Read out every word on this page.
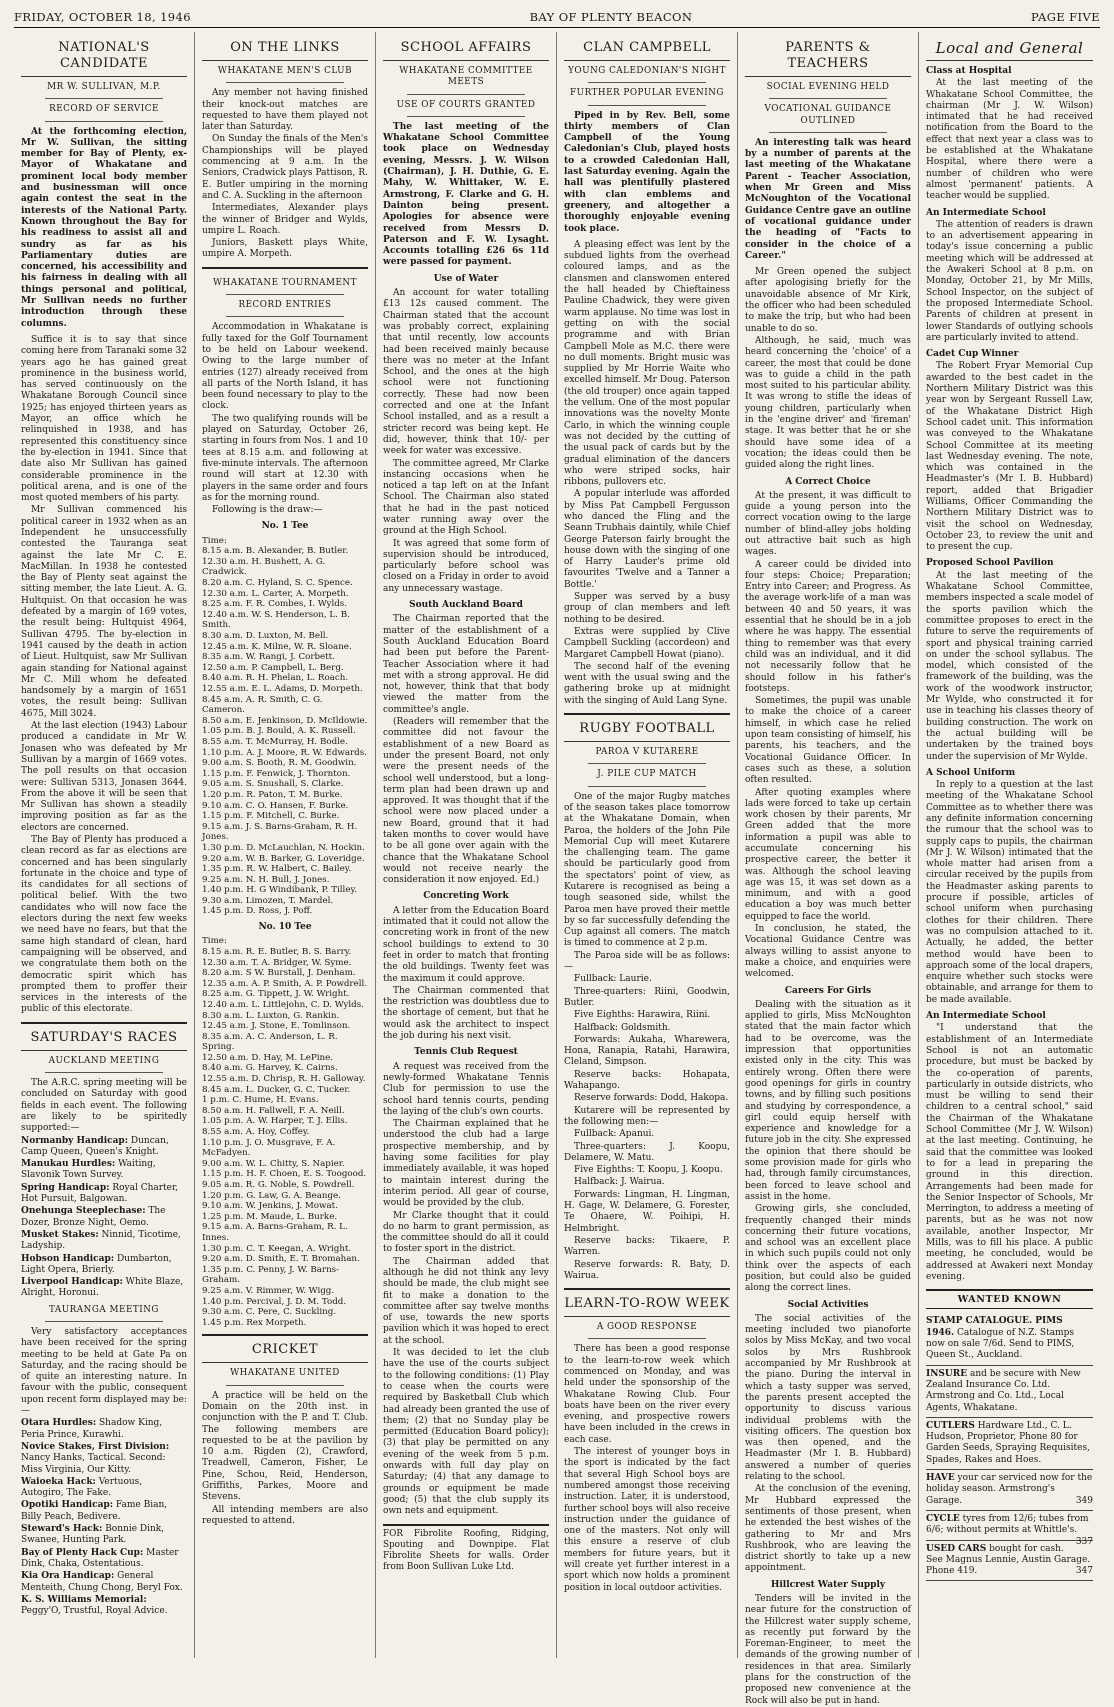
FRIDAY, OCTOBER 18, 1946	BAY OF PLENTY BEACON	PAGE FIVE
NATIONAL'S CANDIDATE
MR W. SULLIVAN, M.P.
RECORD OF SERVICE
At the forthcoming election, Mr W. Sullivan, the sitting member for Bay of Plenty, ex-Mayor of Whakatane and prominent local body member and businessman will once again contest the seat in the interests of the National Party. Known throughout the Bay for his readiness to assist all and sundry as far as his Parliamentary duties are concerned, his accessibility and his fairness in dealing with all things personal and political, Mr Sullivan needs no further introduction through these columns.
Suffice it is to say that since coming here from Taranaki some 32 years ago he has gained great prominence in the business world, has served continuously on the Whakatane Borough Council since 1925; has enjoyed thirteen years as Mayor, an office which he relinquished in 1938, and has represented this constituency since the by-election in 1941. Since that date also Mr Sullivan has gained considerable prominence in the political arena, and is one of the most quoted members of his party.
Mr Sullivan commenced his political career in 1932 when as an Independent he unsuccessfully contested the Tauranga seat against the late Mr C. E. MacMillan. In 1938 he contested the Bay of Plenty seat against the sitting member, the late Lieut. A. G. Hultquist. On that occasion he was defeated by a margin of 169 votes, the result being: Hultquist 4964, Sullivan 4795. The by-election in 1941 caused by the death in action of Lieut. Hultquist, saw Mr Sullivan again standing for National against Mr C. Mill whom he defeated handsomely by a margin of 1651 votes, the result being: Sullivan 4675, Mill 3024.
At the last election (1943) Labour produced a candidate in Mr W. Jonasen who was defeated by Mr Sullivan by a margin of 1669 votes. The poll results on that occasion were: Sullivan 5313, Jonasen 3644. From the above it will be seen that Mr Sullivan has shown a steadily improving position as far as the electors are concerned.
The Bay of Plenty has produced a clean record as far as elections are concerned and has been singularly fortunate in the choice and type of its candidates for all sections of political belief. With the two candidates who will now face the electors during the next few weeks we need have no fears, but that the same high standard of clean, hard campaigning will be observed, and we congratulate them both on the democratic spirit which has prompted them to proffer their services in the interests of the public of this electorate.
SATURDAY'S RACES
AUCKLAND MEETING
The A.R.C. spring meeting will be concluded on Saturday with good fields in each event. The following are likely to be spiritedly supported:—
Normanby Handicap: Duncan, Camp Queen, Queen's Knight.
Manukau Hurdles: Waiting, Slavonik Town Survey.
Spring Handicap: Royal Charter, Hot Pursuit, Balgowan.
Onehunga Steeplechase: The Dozer, Bronze Night, Oemo.
Musket Stakes: Ninnid, Ticotime, Ladyship.
Hobson Handicap: Dumbarton, Light Opera, Brierly.
Liverpool Handicap: White Blaze, Alright, Horonui.
TAURANGA MEETING
Very satisfactory acceptances have been received for the spring meeting to be held at Gate Pa on Saturday, and the racing should be of quite an interesting nature. In favour with the public, consequent upon recent form displayed may be:—
Otara Hurdles: Shadow King, Peria Prince, Kurawhi.
Novice Stakes, First Division: Nancy Hanks, Tactical. Second: Miss Virginia, Our Kitty.
Waioeka Hack: Vertuous, Autogiro, The Fake.
Opotiki Handicap: Fame Bian, Billy Peach, Bedivere.
Steward's Hack: Bonnie Dink, Swanee, Hunting Park.
Bay of Plenty Hack Cup: Master Dink, Chaka, Ostentatious.
Kia Ora Handicap: General Menteith, Chung Chong, Beryl Fox.
K. S. Williams Memorial: Peggy'O, Trustful, Royal Advice.
ON THE LINKS
WHAKATANE MEN'S CLUB
Any member not having finished their knock-out matches are requested to have them played not later than Saturday.
On Sunday the finals of the Men's Championships will be played commencing at 9 a.m. In the Seniors, Cradwick plays Pattison, R. E. Butler umpiring in the morning and C. A. Suckling in the afternoon
Intermediates, Alexander plays the winner of Bridger and Wylds, umpire L. Roach.
Juniors, Baskett plays White, umpire A. Morpeth.
WHAKATANE TOURNAMENT
RECORD ENTRIES
Accommodation in Whakatane is fully taxed for the Golf Tournament to be held on Labour weekend. Owing to the large number of entries (127) already received from all parts of the North Island, it has been found necessary to play to the clock.
The two qualifying rounds will be played on Saturday, October 26, starting in fours from Nos. 1 and 10 tees at 8.15 a.m. and following at five-minute intervals. The afternoon round will start at 12.30 with players in the same order and fours as for the morning round.
Following is the draw:—
No. 1 Tee
Time:
8.15 a.m. B. Alexander, B. Butler.
12.30 a.m. H. Bushett, A. G. Cradwick.
8.20 a.m. C. Hyland, S. C. Spence.
12.30 a.m. L. Carter, A. Morpeth.
8.25 a.m. F. R. Combes, I. Wylds.
12.40 a.m. W. S. Henderson, L. B. Smith.
8.30 a.m. D. Luxton, M. Bell.
12.45 a.m. K. Milne, W. R. Sloane.
8.35 a.m. W. Rangi, J. Corbett.
12.50 a.m. P. Campbell, L. Berg.
8.40 a.m. R. H. Phelan, L. Roach.
12.55 a.m. E. L. Adams, D. Morpeth.
8.45 a.m. A. R. Smith, C. G. Cameron.
8.50 a.m. E. Jenkinson, D. McIldowie.
1.05 p.m. B. J. Bould, A. K. Russell.
8.55 a.m. T. McMurray, H. Bodle.
1.10 p.m. A. J. Moore, R. W. Edwards.
9.00 a.m. S. Booth, R. M. Goodwin.
1.15 p.m. F. Fenwick, J. Thornton.
9.05 a.m. S. Snushall, S. Clarke.
1.20 p.m. R. Paton, T. M. Burke.
9.10 a.m. C. O. Hansen, F. Burke.
1.15 p.m. F. Mitchell, C. Burke.
9.15 a.m. J. S. Barns-Graham, R. H. Jones.
1.30 p.m. D. McLauchlan, N. Hockin.
9.20 a.m. W. B. Barker, G. Loveridge.
1.35 p.m. R. W. Halbert, C. Bailey.
9.25 a.m. N. H. Bull, J. Jones.
1.40 p.m. H. G Windibank, P. Tilley.
9.30 a.m. Limozen, T. Mardel.
1.45 p.m. D. Ross, J. Poff.
No. 10 Tee
Time:
8.15 a.m. R. E. Butler, B. S. Barry.
12.30 a.m. T. A. Bridger, W. Syme.
8.20 a.m. S W. Burstall, J. Denham.
12.35 a.m. A. P. Smith, A. P. Powdrell.
8.25 a.m. G. Tippett, J. W. Wright.
12.40 a.m. L. Littlejohn, C. D. Wylds.
8.30 a.m. L. Luxton, G. Rankin.
12.45 a.m. J. Stone, E. Tomlinson.
8.35 a.m. A. C. Anderson, L. R. Spring.
12.50 a.m. D. Hay, M. LePine.
8.40 a.m. G. Harvey, K. Cairns.
12.55 a.m. D. Chrisp, R. H. Galloway.
8.45 a.m. L. Ducker, G. C. Tucker.
1 p.m. C. Hume, H. Evans.
8.50 a.m. H. Fallwell, F. A. Neill.
1.05 p.m. A. W. Harper, T. J. Ellis.
8.55 a.m. A. Hoy, Coffey.
1.10 p.m. J. O. Musgrave, F. A. McFadyen.
9.00 a.m. W. L. Chitty, S. Napier.
1.15 p.m. H. F. Choen, E. S. Toogood.
9.05 a.m. R. G. Noble, S. Powdrell.
1.20 p.m. G. Law, G. A. Beange.
9.10 a.m. W. Jenkins, J. Mowat.
1.25 p.m. M. Maude, L. Burke.
9.15 a.m. A. Barns-Graham, R. L. Innes.
1.30 p.m. C. T. Keegan, A. Wright.
9.20 a.m. D. Smith, E. T. Bromahan.
1.35 p.m. C. Penny, J. W. Barns-Graham.
9.25 a.m. V. Rimmer, W. Wigg.
1.40 p.m. Percival, J. D. M. Todd.
9.30 a.m. C. Pere, C. Suckling.
1.45 p.m. Rex Morpeth.
CRICKET
WHAKATANE UNITED
A practice will be held on the Domain on the 20th inst. in conjunction with the P. and T. Club. The following members are requested to be at the pavilion by 10 a.m. Rigden (2), Crawford, Treadwell, Cameron, Fisher, Le Pine, Schou, Reid, Henderson, Griffiths, Parkes, Moore and Stevens.
All intending members are also requested to attend.
SCHOOL AFFAIRS
WHAKATANE COMMITTEE MEETS
USE OF COURTS GRANTED
The last meeting of the Whakatane School Committee took place on Wednesday evening, Messrs. J. W. Wilson (Chairman), J. H. Duthie, G. E. Mahy, W. Whittaker, W. E. Armstrong, F. Clarke and G. H. Dainton being present. Apologies for absence were received from Messrs D. Paterson and F. W. Lysaght. Accounts totalling £26 6s 11d were passed for payment.
Use of Water
An account for water totalling £13 12s caused comment. The Chairman stated that the account was probably correct, explaining that until recently, low accounts had been received mainly because there was no meter at the Infant School, and the ones at the high school were not functioning correctly. These had now been corrected and one at the Infant School installed, and as a result a stricter record was being kept. He did, however, think that 10/- per week for water was excessive.
The committee agreed, Mr Clarke instancing occasions when he noticed a tap left on at the Infant School. The Chairman also stated that he had in the past noticed water running away over the ground at the High School.
It was agreed that some form of supervision should be introduced, particularly before school was closed on a Friday in order to avoid any unnecessary wastage.
South Auckland Board
The Chairman reported that the matter of the establishment of a South Auckland Education Board had been put before the Parent-Teacher Association where it had met with a strong approval. He did not, however, think that that body viewed the matter from the committee's angle.
(Readers will remember that the committee did not favour the establishment of a new Board as under the present Board, not only were the present needs of the school well understood, but a long-term plan had been drawn up and approved. It was thought that if the school were now placed under a new Board, ground that it had taken months to cover would have to be all gone over again with the chance that the Whakatane School would not receive nearly the consideration it now enjoyed. Ed.)
Concreting Work
A letter from the Education Board intimated that it could not allow the concreting work in front of the new school buildings to extend to 30 feet in order to match that fronting the old buildings. Twenty feet was the maximum it could approve.
The Chairman commented that the restriction was doubtless due to the shortage of cement, but that he would ask the architect to inspect the job during his next visit.
Tennis Club Request
A request was received from the newly-formed Whakatane Tennis Club for permission to use the school hard tennis courts, pending the laying of the club's own courts.
The Chairman explained that he understood the club had a large prospective membership, and by having some facilities for play immediately available, it was hoped to maintain interest during the interim period. All gear of course, would be provided by the club.
Mr Clarke thought that it could do no harm to grant permission, as the committee should do all it could to foster sport in the district.
The Chairman added that although he did not think any levy should be made, the club might see fit to make a donation to the committee after say twelve months of use, towards the new sports pavilion which it was hoped to erect at the school.
It was decided to let the club have the use of the courts subject to the following conditions: (1) Play to cease when the courts were required by Basketball Club which had already been granted the use of them; (2) that no Sunday play be permitted (Education Board policy); (3) that play be permitted on any evening of the week from 5 p.m. onwards with full day play on Saturday; (4) that any damage to grounds or equipment be made good; (5) that the club supply its own nets and equipment.
FOR Fibrolite Roofing, Ridging, Spouting and Downpipe. Flat Fibrolite Sheets for walls. Order from Boon Sullivan Luke Ltd.
CLAN CAMPBELL
YOUNG CALEDONIAN'S NIGHT
FURTHER POPULAR EVENING
Piped in by Rev. Bell, some thirty members of Clan Campbell of the Young Caledonian's Club, played hosts to a crowded Caledonian Hall, last Saturday evening. Again the hall was plentifully plastered with clan emblems and greenery, and altogether a thoroughly enjoyable evening took place.
A pleasing effect was lent by the subdued lights from the overhead coloured lamps, and as the clansmen and clanswomen entered the hall headed by Chieftainess Pauline Chadwick, they were given warm applause. No time was lost in getting on with the social programme and with Brian Campbell Mole as M.C. there were no dull moments. Bright music was supplied by Mr Horrie Waite who excelled himself. Mr Doug. Paterson (the old trouper) once again tapped the vellum. One of the most popular innovations was the novelty Monte Carlo, in which the winning couple was not decided by the cutting of the usual pack of cards but by the gradual elimination of the dancers who were striped socks, hair ribbons, pullovers etc.
A popular interlude was afforded by Miss Pat Campbell Fergusson who danced the Fling and the Seann Trubhais daintily, while Chief George Paterson fairly brought the house down with the singing of one of Harry Lauder's prime old favourites 'Twelve and a Tanner a Bottle.'
Supper was served by a busy group of clan members and left nothing to be desired.
Extras were supplied by Clive Campbell Suckling (accordeon) and Margaret Campbell Howat (piano).
The second half of the evening went with the usual swing and the gathering broke up at midnight with the singing of Auld Lang Syne.
RUGBY FOOTBALL
PAROA V KUTARERE
J. PILE CUP MATCH
One of the major Rugby matches of the season takes place tomorrow at the Whakatane Domain, when Paroa, the holders of the John Pile Memorial Cup will meet Kutarere the challenging team. The game should be particularly good from the spectators' point of view, as Kutarere is recognised as being a tough seasoned side, whilst the Paroa men have proved their mettle by so far successfully defending the Cup against all comers. The match is timed to commence at 2 p.m.
The Paroa side will be as follows:—
Fullback: Laurie.
Three-quarters: Riini, Goodwin, Butler.
Five Eighths: Harawira, Riini.
Halfback: Goldsmith.
Forwards: Aukaha, Wharewera, Hona, Ranapia, Ratahi, Harawira, Cleland, Simpson.
Reserve backs: Hohapata, Wahapango.
Reserve forwards: Dodd, Hakopa.
Kutarere will be represented by the following men:—
Fullback: Apanui.
Three-quarters: J. Koopu, Delamere, W. Matu.
Five Eighths: T. Koopu, J. Koopu.
Halfback: J. Wairua.
Forwards: Lingman, H. Lingman, H. Gage, W. Delamere, G. Forester, Te Ohaere, W. Poihipi, H. Helmbright.
Reserve backs: Tikaere, P. Warren.
Reserve forwards: R. Baty, D. Wairua.
LEARN-TO-ROW WEEK
A GOOD RESPONSE
There has been a good response to the learn-to-row week which commenced on Monday, and was held under the sponsorship of the Whakatane Rowing Club. Four boats have been on the river every evening, and prospective rowers have been included in the crews in each case.
The interest of younger boys in the sport is indicated by the fact that several High School boys are numbered amongst those receiving instruction. Later, it is understood, further school boys will also receive instruction under the guidance of one of the masters. Not only will this ensure a reserve of club members for future years, but it will create yet further interest in a sport which now holds a prominent position in local outdoor activities.
PARENTS & TEACHERS
SOCIAL EVENING HELD
VOCATIONAL GUIDANCE OUTLINED
An interesting talk was heard by a number of parents at the last meeting of the Whakatane Parent - Teacher Association, when Mr Green and Miss McNoughton of the Vocational Guidance Centre gave an outline of vocational guidance under the heading of "Facts to consider in the choice of a Career."
Mr Green opened the subject after apologising briefly for the unavoidable absence of Mr Kirk, the officer who had been scheduled to make the trip, but who had been unable to do so.
Although, he said, much was heard concerning the 'choice' of a career, the most that could be done was to guide a child in the path most suited to his particular ability. It was wrong to stifle the ideas of young children, particularly when in the 'engine driver' and 'fireman' stage. It was better that he or she should have some idea of a vocation; the ideas could then be guided along the right lines.
A Correct Choice
At the present, it was difficult to guide a young person into the correct vocation owing to the large number of blind-alley jobs holding out attractive bait such as high wages.
A career could be divided into four steps: Choice; Preparation; Entry into Career; and Progress. As the average work-life of a man was between 40 and 50 years, it was essential that he should be in a job where he was happy. The essential thing to remember was that every child was an individual, and it did not necessarily follow that he should follow in his father's footsteps.
Sometimes, the pupil was unable to make the choice of a career himself, in which case he relied upon team consisting of himself, his parents, his teachers, and the Vocational Guidance Officer. In cases such as these, a solution often resulted.
After quoting examples where lads were forced to take up certain work chosen by their parents, Mr Green added that the more information a pupil was able to accumulate concerning his prospective career, the better it was. Although the school leaving age was 15, it was set down as a minimum, and with a good education a boy was much better equipped to face the world.
In conclusion, he stated, the Vocational Guidance Centre was always willing to assist anyone to make a choice, and enquiries were welcomed.
Careers For Girls
Dealing with the situation as it applied to girls, Miss McNoughton stated that the main factor which had to be overcome, was the impression that opportunities existed only in the city. This was entirely wrong. Often there were good openings for girls in country towns, and by filling such positions and studying by correspondence, a girl could equip herself with experience and knowledge for a future job in the city. She expressed the opinion that there should be some provision made for girls who had, through family circumstances, been forced to leave school and assist in the home.
Growing girls, she concluded, frequently changed their minds concerning their future vocations, and school was an excellent place in which such pupils could not only think over the aspects of each position, but could also be guided along the correct lines.
Social Activities
The social activities of the meeting included two pianoforte solos by Miss McKay, and two vocal solos by Mrs Rushbrook accompanied by Mr Rushbrook at the piano. During the interval in which a tasty supper was served, the parents present accepted the opportunity to discuss various individual problems with the visiting officers. The question box was then opened, and the Headmaster (Mr I. B. Hubbard) answered a number of queries relating to the school.
At the conclusion of the evening, Mr Hubbard expressed the sentiments of those present, when he extended the best wishes of the gathering to Mr and Mrs Rushbrook, who are leaving the district shortly to take up a new appointment.
Hillcrest Water Supply
Tenders will be invited in the near future for the construction of the Hillcrest water supply scheme, as recently put forward by the Foreman-Engineer, to meet the demands of the growing number of residences in that area. Similarly plans for the construction of the proposed new convenience at the Rock will also be put in hand.
Local and General
Class at Hospital
At the last meeting of the Whakatane School Committee, the chairman (Mr J. W. Wilson) intimated that he had received notification from the Board to the effect that next year a class was to be established at the Whakatane Hospital, where there were a number of children who were almost 'permanent' patients. A teacher would be supplied.
An Intermediate School
The attention of readers is drawn to an advertisement appearing in today's issue concerning a public meeting which will be addressed at the Awakeri School at 8 p.m. on Monday, October 21, by Mr Mills, School Inspector, on the subject of the proposed Intermediate School. Parents of children at present in lower Standards of outlying schools are particularly invited to attend.
Cadet Cup Winner
The Robert Fryar Memorial Cup awarded to the best cadet in the Northern Military District was this year won by Sergeant Russell Law, of the Whakatane District High School cadet unit. This information was conveyed to the Whakatane School Committee at its meeting last Wednesday evening. The note, which was contained in the Headmaster's (Mr I. B. Hubbard) report, added that Brigadier Williams, Officer Commanding the Northern Military District was to visit the school on Wednesday, October 23, to review the unit and to present the cup.
Proposed School Pavilion
At the last meeting of the Whakatane School Committee, members inspected a scale model of the sports pavilion which the committee proposes to erect in the future to serve the requirements of sport and physical training carried on under the school syllabus. The model, which consisted of the framework of the building, was the work of the woodwork instructor, Mr Wylde, who constructed it for use in teaching his classes theory of building construction. The work on the actual building will be undertaken by the trained boys under the supervision of Mr Wylde.
A School Uniform
In reply to a question at the last meeting of the Whakatane School Committee as to whether there was any definite information concerning the rumour that the school was to supply caps to pupils, the chairman (Mr J. W. Wilson) intimated that the whole matter had arisen from a circular received by the pupils from the Headmaster asking parents to procure if possible, articles of school uniform when purchasing clothes for their children. There was no compulsion attached to it. Actually, he added, the better method would have been to approach some of the local drapers, enquire whether such stocks were obtainable, and arrange for them to be made available.
An Intermediate School
"I understand that the establishment of an Intermediate School is not an automatic procedure, but must be backed by the co-operation of parents, particularly in outside districts, who must be willing to send their children to a central school," said the Chairman of the Whakatane School Committee (Mr J. W. Wilson) at the last meeting. Continuing, he said that the committee was looked to for a lead in preparing the ground in this direction. Arrangements had been made for the Senior Inspector of Schools, Mr Merrington, to address a meeting of parents, but as he was not now available, another Inspector, Mr Mills, was to fill his place. A public meeting, he concluded, would be addressed at Awakeri next Monday evening.
WANTED KNOWN
STAMP CATALOGUE. PIMS 1946. Catalogue of N.Z. Stamps now on sale 7/6d. Send to PIMS, Queen St., Auckland.
INSURE and be secure with New Zealand Insurance Co. Ltd. Armstrong and Co. Ltd., Local Agents, Whakatane.
CUTLERS Hardware Ltd., C. L. Hudson, Proprietor, Phone 80 for Garden Seeds, Spraying Requisites, Spades, Rakes and Hoes.
HAVE your car serviced now for the holiday season. Armstrong's Garage.	349
CYCLE tyres from 12/6; tubes from 6/6; without permits at Whittle's.
337
USED CARS bought for cash. See Magnus Lennie, Austin Garage. Phone 419.	347
